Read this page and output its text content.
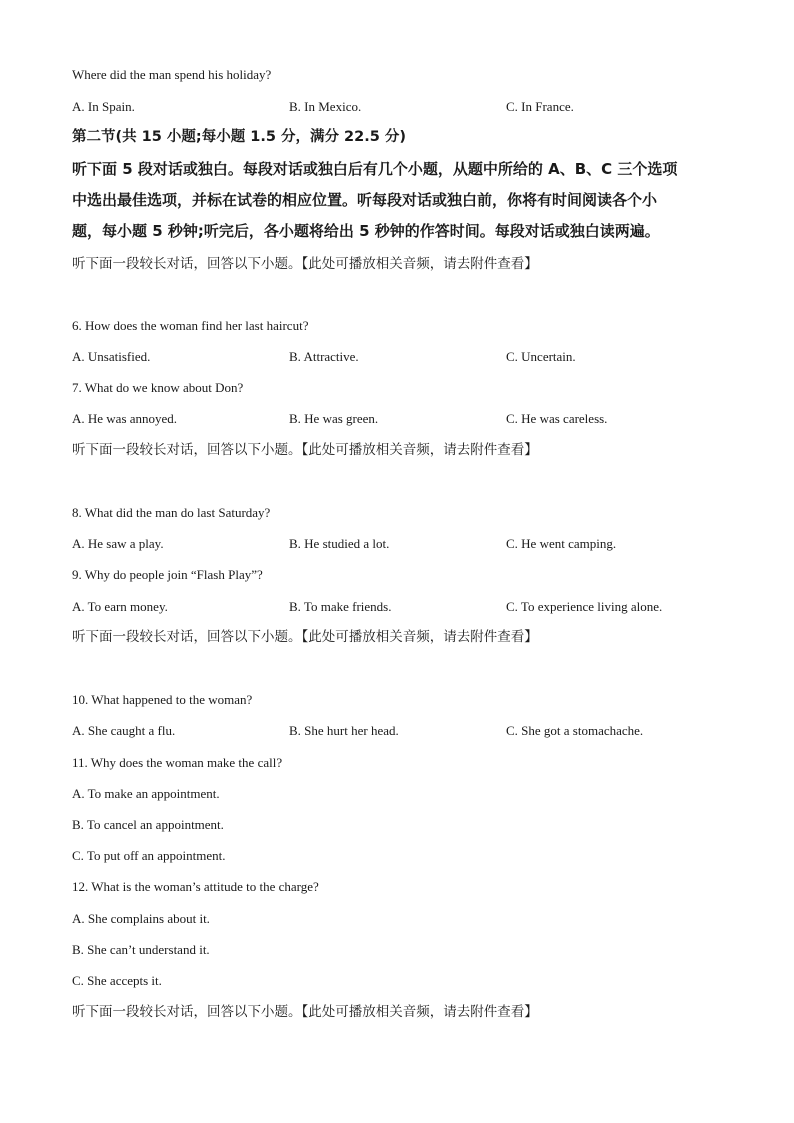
Where did the man spend his holiday?
A. In Spain.	B. In Mexico.	C. In France.
第二节(共 15 小题;每小题 1.5 分，满分 22.5 分)
听下面 5 段对话或独白。每段对话或独白后有几个小题，从题中所给的 A、B、C 三个选项
中选出最佳选项，并标在试卷的相应位置。听每段对话或独白前，你将有时间阅读各个小
题，每小题 5 秒钟;听完后，各小题将给出 5 秒钟的作答时间。每段对话或独白读两遍。
听下面一段较长对话，回答以下小题。【此处可播放相关音频，请去附件查看】
6. How does the woman find her last haircut?
A. Unsatisfied.	B. Attractive.	C. Uncertain.
7. What do we know about Don?
A. He was annoyed.	B. He was green.	C. He was careless.
听下面一段较长对话，回答以下小题。【此处可播放相关音频，请去附件查看】
8. What did the man do last Saturday?
A. He saw a play.	B. He studied a lot.	C. He went camping.
9. Why do people join “Flash Play”?
A. To earn money.	B. To make friends.	C. To experience living alone.
听下面一段较长对话，回答以下小题。【此处可播放相关音频，请去附件查看】
10. What happened to the woman?
A. She caught a flu.	B. She hurt her head.	C. She got a stomachache.
11. Why does the woman make the call?
A. To make an appointment.
B. To cancel an appointment.
C. To put off an appointment.
12. What is the woman’s attitude to the charge?
A. She complains about it.
B. She can’t understand it.
C. She accepts it.
听下面一段较长对话，回答以下小题。【此处可播放相关音频，请去附件查看】
